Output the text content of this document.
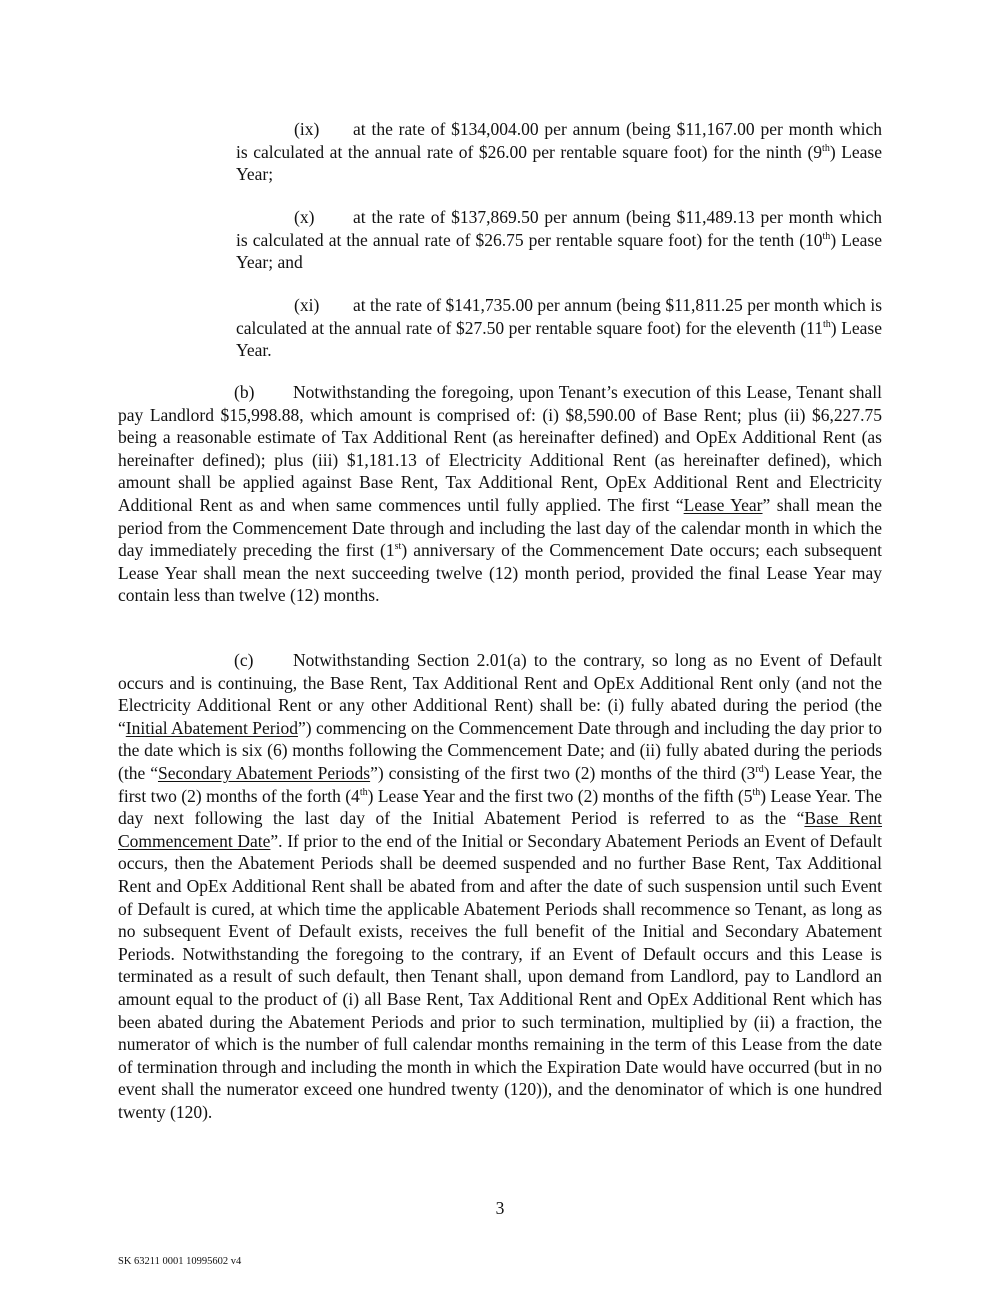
(ix) at the rate of $134,004.00 per annum (being $11,167.00 per month which is calculated at the annual rate of $26.00 per rentable square foot) for the ninth (9th) Lease Year;

(x) at the rate of $137,869.50 per annum (being $11,489.13 per month which is calculated at the annual rate of $26.75 per rentable square foot) for the tenth (10th) Lease Year; and

(xi) at the rate of $141,735.00 per annum (being $11,811.25 per month which is calculated at the annual rate of $27.50 per rentable square foot) for the eleventh (11th) Lease Year.

(b) Notwithstanding the foregoing, upon Tenant’s execution of this Lease, Tenant shall pay Landlord $15,998.88, which amount is comprised of: (i) $8,590.00 of Base Rent; plus (ii) $6,227.75 being a reasonable estimate of Tax Additional Rent (as hereinafter defined) and OpEx Additional Rent (as hereinafter defined); plus (iii) $1,181.13 of Electricity Additional Rent (as hereinafter defined), which amount shall be applied against Base Rent, Tax Additional Rent, OpEx Additional Rent and Electricity Additional Rent as and when same commences until fully applied. The first “Lease Year” shall mean the period from the Commencement Date through and including the last day of the calendar month in which the day immediately preceding the first (1st) anniversary of the Commencement Date occurs; each subsequent Lease Year shall mean the next succeeding twelve (12) month period, provided the final Lease Year may contain less than twelve (12) months.

(c) Notwithstanding Section 2.01(a) to the contrary, so long as no Event of Default occurs and is continuing, the Base Rent, Tax Additional Rent and OpEx Additional Rent only (and not the Electricity Additional Rent or any other Additional Rent) shall be: (i) fully abated during the period (the “Initial Abatement Period”) commencing on the Commencement Date through and including the day prior to the date which is six (6) months following the Commencement Date; and (ii) fully abated during the periods (the “Secondary Abatement Periods”) consisting of the first two (2) months of the third (3rd) Lease Year, the first two (2) months of the forth (4th) Lease Year and the first two (2) months of the fifth (5th) Lease Year. The day next following the last day of the Initial Abatement Period is referred to as the “Base Rent Commencement Date”. If prior to the end of the Initial or Secondary Abatement Periods an Event of Default occurs, then the Abatement Periods shall be deemed suspended and no further Base Rent, Tax Additional Rent and OpEx Additional Rent shall be abated from and after the date of such suspension until such Event of Default is cured, at which time the applicable Abatement Periods shall recommence so Tenant, as long as no subsequent Event of Default exists, receives the full benefit of the Initial and Secondary Abatement Periods. Notwithstanding the foregoing to the contrary, if an Event of Default occurs and this Lease is terminated as a result of such default, then Tenant shall, upon demand from Landlord, pay to Landlord an amount equal to the product of (i) all Base Rent, Tax Additional Rent and OpEx Additional Rent which has been abated during the Abatement Periods and prior to such termination, multiplied by (ii) a fraction, the numerator of which is the number of full calendar months remaining in the term of this Lease from the date of termination through and including the month in which the Expiration Date would have occurred (but in no event shall the numerator exceed one hundred twenty (120)), and the denominator of which is one hundred twenty (120).

3
SK 63211 0001 10995602 v4
